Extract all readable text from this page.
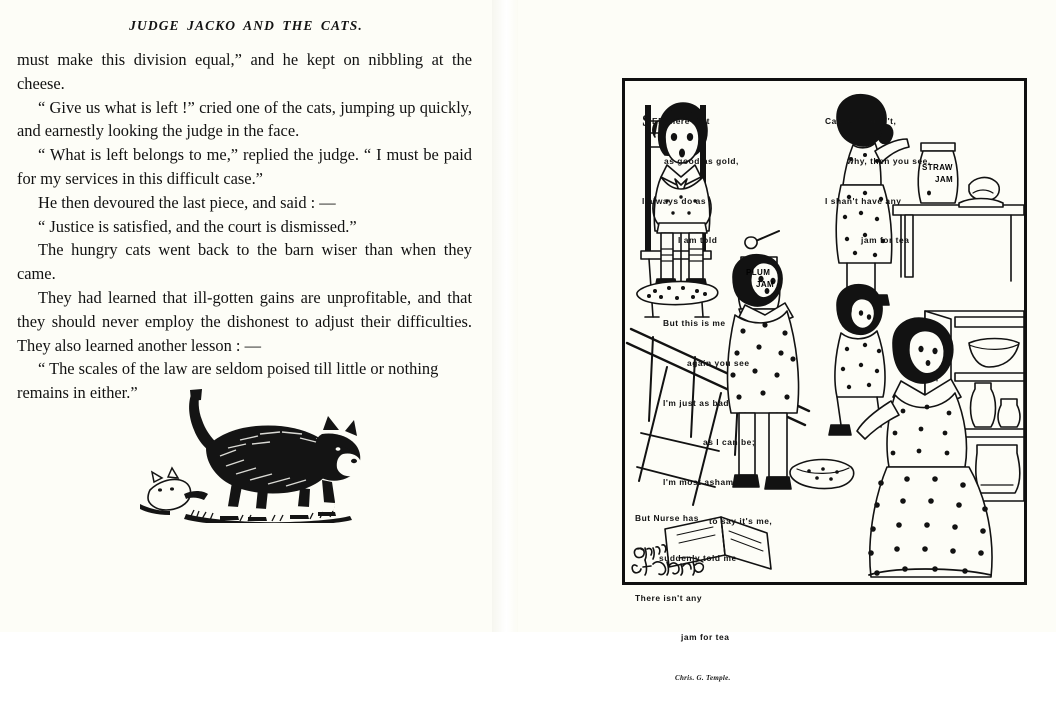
JUDGE JACKO AND THE CATS.

must make this division equal,” and he kept on nibbling at the cheese.

“ Give us what is left !” cried one of the cats, jumping up quickly, and earnestly looking the judge in the face.

“ What is left belongs to me,” replied the judge. “ I must be paid for my services in this difficult case.”

He then devoured the last piece, and said : —

“ Justice is satisfied, and the court is dismissed.”

The hungry cats went back to the barn wiser than when they came.

They had learned that ill-gotten gains are unprofitable, and that they should never employ the dishonest to adjust their difficulties. They also learned another lesson : —

“ The scales of the law are seldom poised till little or nothing remains in either.”

PLUM
JAM
STRAW
JAM

SEE, here I sit

as good as gold,

I always do as

I am told

Cause if I don't,

why, then you see,

I shan't have any

jam for tea

But this is me

again you see

I'm just as bad

as I can be;

I'm most ashamed

to say it's me,

But Nurse has

suddenly told me

There isn't any

jam for tea

Chris. G. Temple.
